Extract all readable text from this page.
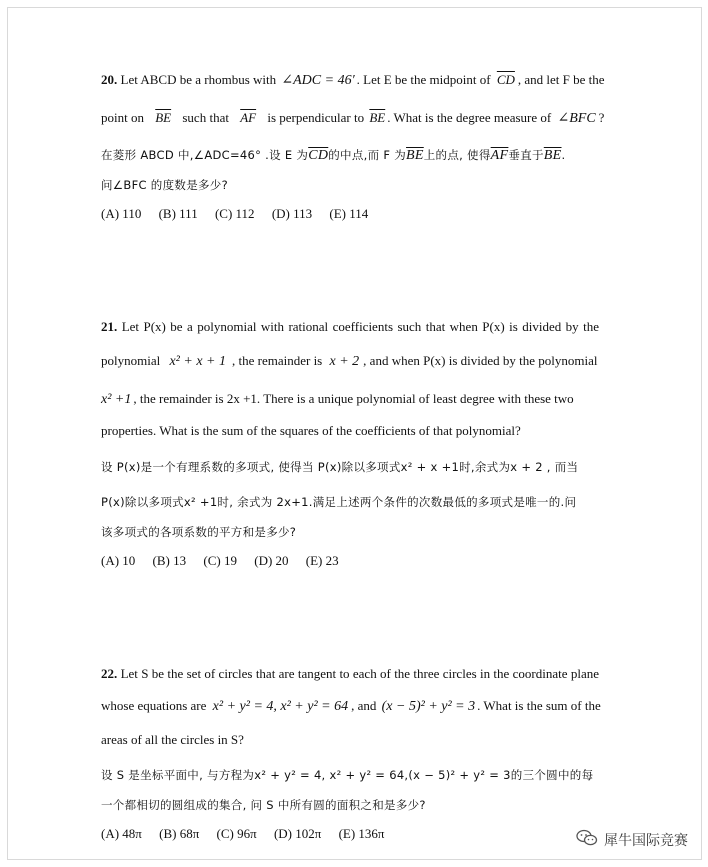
20. Let ABCD be a rhombus with ∠ADC = 46′ . Let E be the midpoint of $\overline{CD}$ , and let F be the
point on $\overline{BE}$ such that $\overline{AF}$ is perpendicular to $\overline{BE}$ . What is the degree measure of ∠BFC ?
在菱形 ABCD 中,∠ADC=46° .设 E 为$\overline{CD}$的中点,而 F 为$\overline{BE}$上的点, 使得$\overline{AF}$垂直于$\overline{BE}$.
问∠BFC 的度数是多少?
(A) 110 (B) 111 (C) 112 (D) 113 (E) 114
21. Let P(x) be a polynomial with rational coefficients such that when P(x) is divided by the
polynomial x² + x + 1 , the remainder is x + 2 , and when P(x) is divided by the polynomial
x² +1 , the remainder is 2x +1. There is a unique polynomial of least degree with these two
properties. What is the sum of the squares of the coefficients of that polynomial?
设 P(x)是一个有理系数的多项式, 使得当 P(x)除以多项式x² + x +1时,余式为x + 2 , 而当
P(x)除以多项式x² +1时, 余式为 2x+1.满足上述两个条件的次数最低的多项式是唯一的.问
该多项式的各项系数的平方和是多少?
(A) 10 (B) 13 (C) 19 (D) 20 (E) 23
22. Let S be the set of circles that are tangent to each of the three circles in the coordinate plane
whose equations are x² + y² = 4, x² + y² = 64 , and (x − 5)² + y² = 3 . What is the sum of the
areas of all the circles in S?
设 S 是坐标平面中, 与方程为x² + y² = 4, x² + y² = 64,(x − 5)² + y² = 3的三个圆中的每
一个都相切的圆组成的集合, 问 S 中所有圆的面积之和是多少?
(A) 48π (B) 68π (C) 96π (D) 102π (E) 136π	犀牛国际竞赛
